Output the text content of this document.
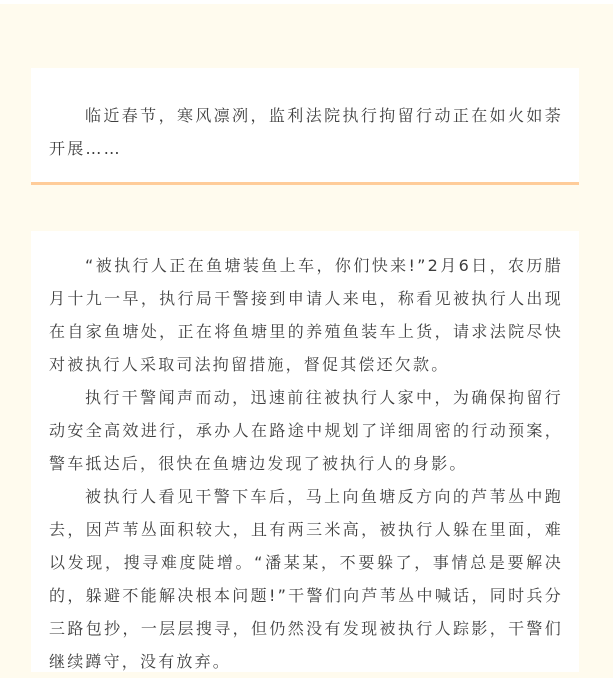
临近春节，寒风凛冽，监利法院执行拘留行动正在如火如荼开展……

“被执行人正在鱼塘装鱼上车，你们快来!”2月6日，农历腊月十九一早，执行局干警接到申请人来电，称看见被执行人出现在自家鱼塘处，正在将鱼塘里的养殖鱼装车上货，请求法院尽快对被执行人采取司法拘留措施，督促其偿还欠款。

执行干警闻声而动，迅速前往被执行人家中，为确保拘留行动安全高效进行，承办人在路途中规划了详细周密的行动预案，警车抵达后，很快在鱼塘边发现了被执行人的身影。

被执行人看见干警下车后，马上向鱼塘反方向的芦苇丛中跑去，因芦苇丛面积较大，且有两三米高，被执行人躲在里面，难以发现，搜寻难度陡增。“潘某某，不要躲了，事情总是要解决的，躲避不能解决根本问题!”干警们向芦苇丛中喊话，同时兵分三路包抄，一层层搜寻，但仍然没有发现被执行人踪影，干警们继续蹲守，没有放弃。
